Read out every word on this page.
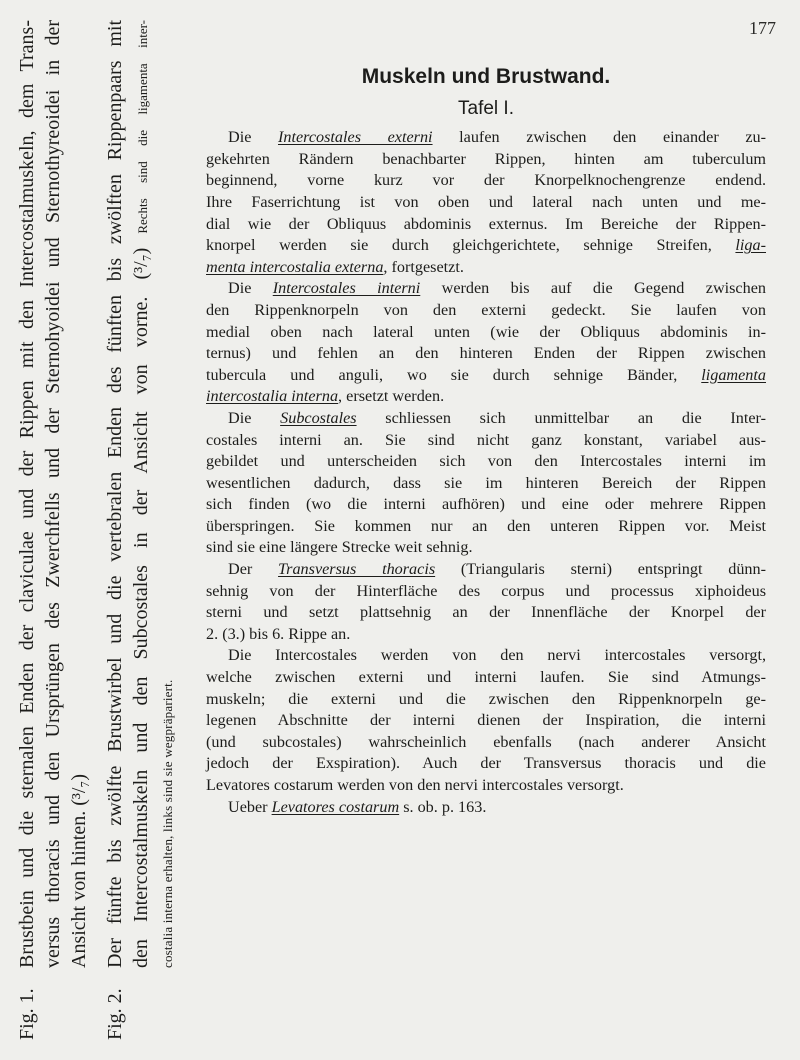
177
Fig. 1.
Brustbein und die sternalen Enden der claviculae und der Rippen mit den Intercostalmuskeln, dem Trans- versus thoracis und den Ursprüngen des Zwerchfells und der Sternohyoidei und Sternothyreoidei in der Ansicht von hinten. (³/₇)
Fig. 2.
Der fünfte bis zwölfte Brustwirbel und die vertebralen Enden des fünften bis zwölften Rippenpaars mit den Intercostalmuskeln und den Subcostales in der Ansicht von vorne. (³/₇)Rechts sind die ligamenta inter-
costalia interna erhalten, links sind sie wegpräpariert.
Muskeln und Brustwand.
Tafel I.

Die Intercostales externi laufen zwischen den einander zu-
gekehrten Rändern benachbarter Rippen, hinten am tuberculum
beginnend, vorne kurz vor der Knorpelknochengrenze endend.
Ihre Faserrichtung ist von oben und lateral nach unten und me-
dial wie der Obliquus abdominis externus. Im Bereiche der Rippen-
knorpel werden sie durch gleichgerichtete, sehnige Streifen, liga-
menta intercostalia externa, fortgesetzt.

Die Intercostales interni werden bis auf die Gegend zwischen
den Rippenknorpeln von den externi gedeckt. Sie laufen von
medial oben nach lateral unten (wie der Obliquus abdominis in-
ternus) und fehlen an den hinteren Enden der Rippen zwischen
tubercula und anguli, wo sie durch sehnige Bänder, ligamenta
intercostalia interna, ersetzt werden.

Die Subcostales schliessen sich unmittelbar an die Inter-
costales interni an. Sie sind nicht ganz konstant, variabel aus-
gebildet und unterscheiden sich von den Intercostales interni im
wesentlichen dadurch, dass sie im hinteren Bereich der Rippen
sich finden (wo die interni aufhören) und eine oder mehrere Rippen
überspringen. Sie kommen nur an den unteren Rippen vor. Meist
sind sie eine längere Strecke weit sehnig.

Der Transversus thoracis (Triangularis sterni) entspringt dünn-
sehnig von der Hinterfläche des corpus und processus xiphoideus
sterni und setzt plattsehnig an der Innenfläche der Knorpel der
2. (3.) bis 6. Rippe an.

Die Intercostales werden von den nervi intercostales versorgt,
welche zwischen externi und interni laufen. Sie sind Atmungs-
muskeln; die externi und die zwischen den Rippenknorpeln ge-
legenen Abschnitte der interni dienen der Inspiration, die interni
(und subcostales) wahrscheinlich ebenfalls (nach anderer Ansicht
jedoch der Exspiration). Auch der Transversus thoracis und die
Levatores costarum werden von den nervi intercostales versorgt.

Ueber Levatores costarum s. ob. p. 163.
